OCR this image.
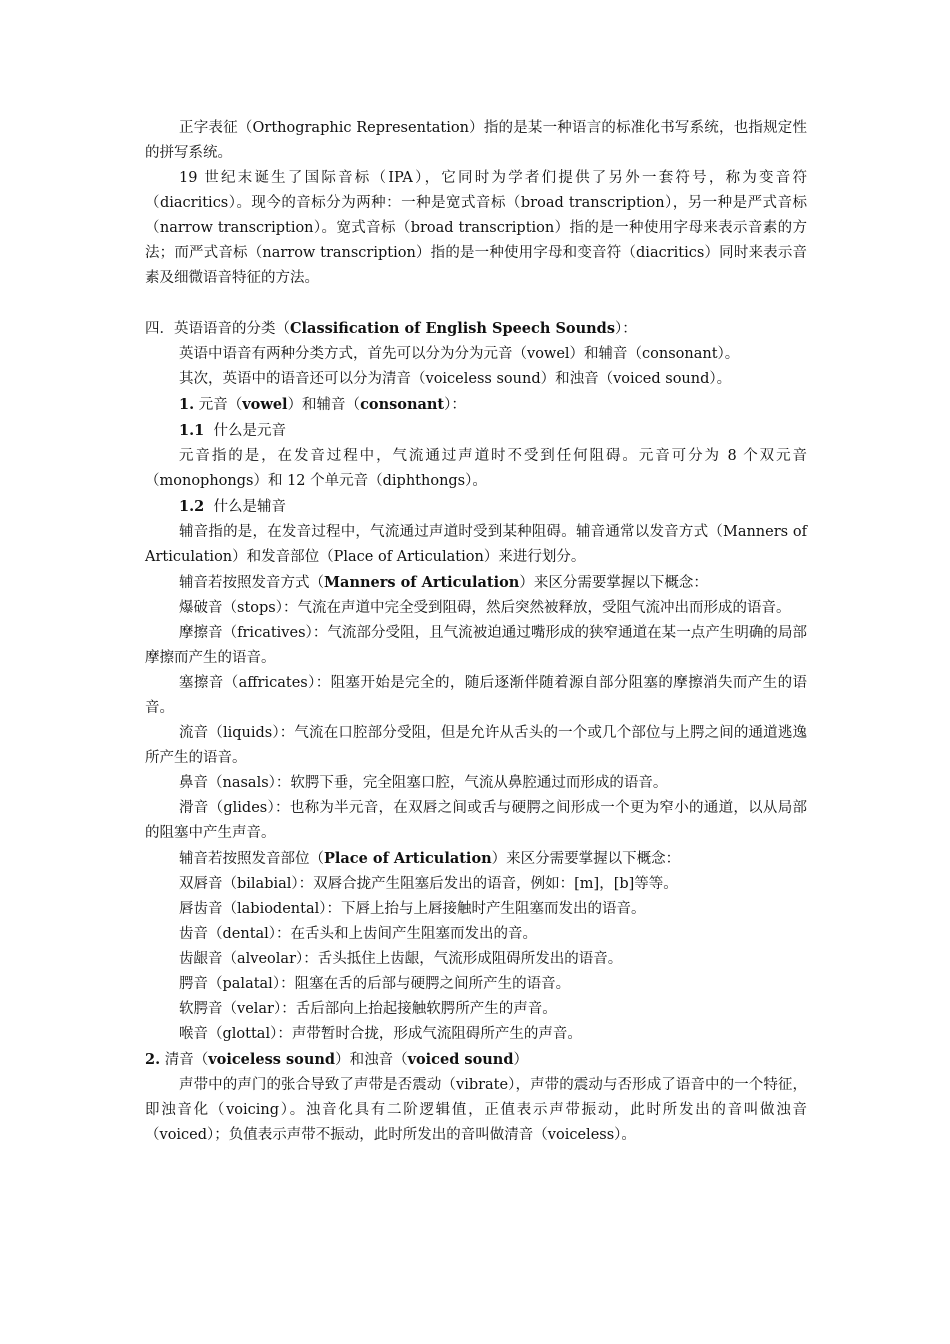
正字表征（Orthographic Representation）指的是某一种语言的标准化书写系统，也指规定性的拼写系统。

19 世纪末诞生了国际音标（IPA），它同时为学者们提供了另外一套符号，称为变音符（diacritics）。现今的音标分为两种：一种是宽式音标（broad transcription），另一种是严式音标（narrow transcription）。宽式音标（broad transcription）指的是一种使用字母来表示音素的方法；而严式音标（narrow transcription）指的是一种使用字母和变音符（diacritics）同时来表示音素及细微语音特征的方法。

四．英语语音的分类（Classification of English Speech Sounds）：

英语中语音有两种分类方式，首先可以分为分为元音（vowel）和辅音（consonant）。

其次，英语中的语音还可以分为清音（voiceless sound）和浊音（voiced sound）。

1. 元音（vowel）和辅音（consonant）：

1.1  什么是元音

元音指的是，在发音过程中，气流通过声道时不受到任何阻碍。元音可分为 8 个双元音（monophongs）和 12 个单元音（diphthongs）。

1.2  什么是辅音

辅音指的是，在发音过程中，气流通过声道时受到某种阻碍。辅音通常以发音方式（Manners of Articulation）和发音部位（Place of Articulation）来进行划分。

辅音若按照发音方式（Manners of Articulation）来区分需要掌握以下概念：

爆破音（stops）：气流在声道中完全受到阻碍，然后突然被释放，受阻气流冲出而形成的语音。

摩擦音（fricatives）：气流部分受阻，且气流被迫通过嘴形成的狭窄通道在某一点产生明确的局部摩擦而产生的语音。

塞擦音（affricates）：阻塞开始是完全的，随后逐渐伴随着源自部分阻塞的摩擦消失而产生的语音。

流音（liquids）：气流在口腔部分受阻，但是允许从舌头的一个或几个部位与上腭之间的通道逃逸所产生的语音。

鼻音（nasals）：软腭下垂，完全阻塞口腔，气流从鼻腔通过而形成的语音。

滑音（glides）：也称为半元音，在双唇之间或舌与硬腭之间形成一个更为窄小的通道，以从局部的阻塞中产生声音。

辅音若按照发音部位（Place of Articulation）来区分需要掌握以下概念：

双唇音（bilabial）：双唇合拢产生阻塞后发出的语音，例如：[m]，[b]等等。

唇齿音（labiodental）：下唇上抬与上唇接触时产生阻塞而发出的语音。

齿音（dental）：在舌头和上齿间产生阻塞而发出的音。

齿龈音（alveolar）：舌头抵住上齿龈，气流形成阻碍所发出的语音。

腭音（palatal）：阻塞在舌的后部与硬腭之间所产生的语音。

软腭音（velar）：舌后部向上抬起接触软腭所产生的声音。

喉音（glottal）：声带暂时合拢，形成气流阻碍所产生的声音。

2. 清音（voiceless sound）和浊音（voiced sound）

声带中的声门的张合导致了声带是否震动（vibrate），声带的震动与否形成了语音中的一个特征，即浊音化（voicing）。浊音化具有二阶逻辑值，正值表示声带振动，此时所发出的音叫做浊音（voiced）；负值表示声带不振动，此时所发出的音叫做清音（voiceless）。
